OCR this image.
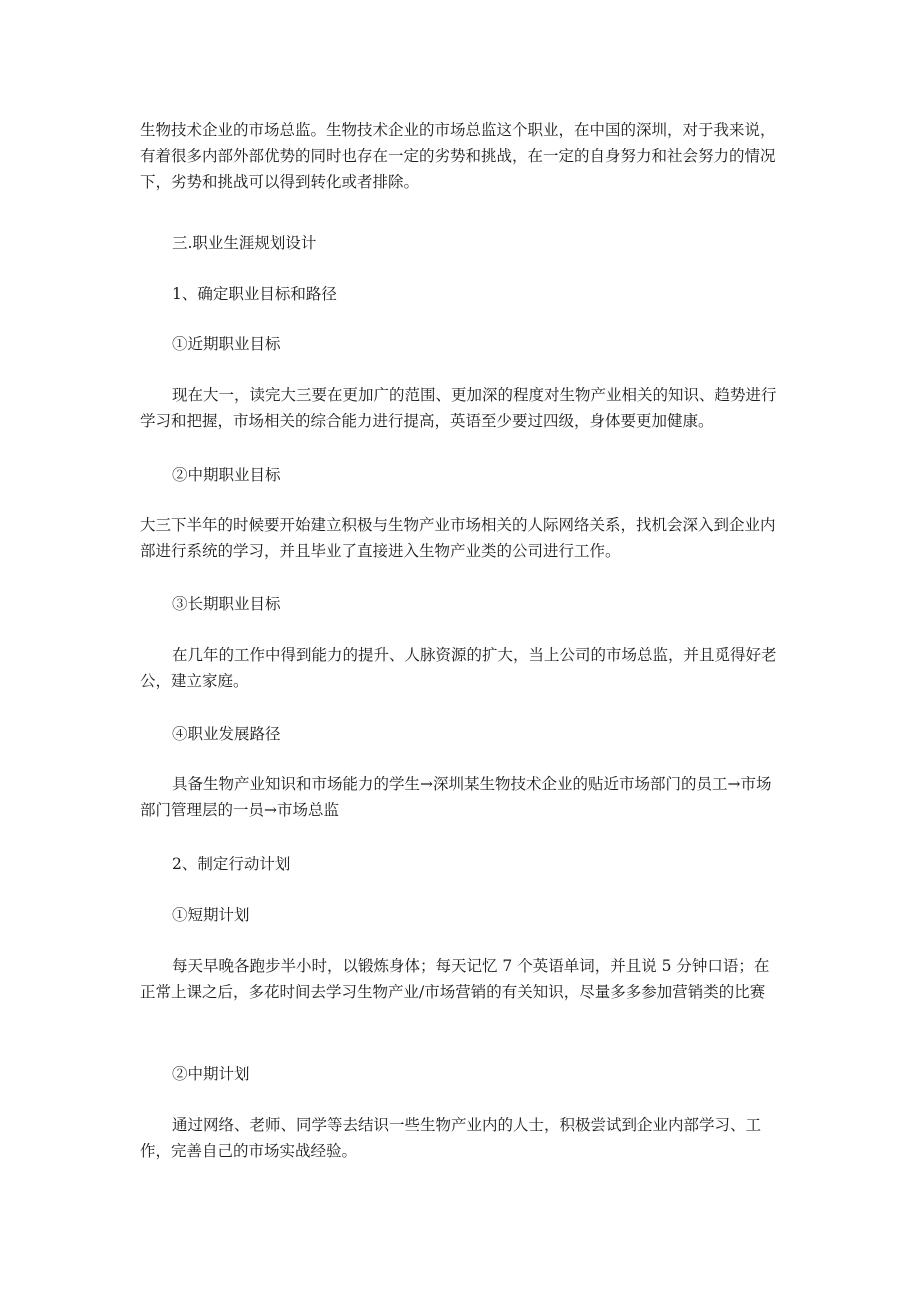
生物技术企业的市场总监。生物技术企业的市场总监这个职业，在中国的深圳，对于我来说，有着很多内部外部优势的同时也存在一定的劣势和挑战，在一定的自身努力和社会努力的情况下，劣势和挑战可以得到转化或者排除。

三.职业生涯规划设计

1、确定职业目标和路径

①近期职业目标

现在大一，读完大三要在更加广的范围、更加深的程度对生物产业相关的知识、趋势进行学习和把握，市场相关的综合能力进行提高，英语至少要过四级，身体要更加健康。

②中期职业目标

大三下半年的时候要开始建立积极与生物产业市场相关的人际网络关系，找机会深入到企业内部进行系统的学习，并且毕业了直接进入生物产业类的公司进行工作。

③长期职业目标

在几年的工作中得到能力的提升、人脉资源的扩大，当上公司的市场总监，并且觅得好老公，建立家庭。

④职业发展路径

具备生物产业知识和市场能力的学生→深圳某生物技术企业的贴近市场部门的员工→市场部门管理层的一员→市场总监

2、制定行动计划

①短期计划

每天早晚各跑步半小时，以锻炼身体；每天记忆 7 个英语单词，并且说 5 分钟口语；在正常上课之后，多花时间去学习生物产业/市场营销的有关知识，尽量多多参加营销类的比赛

②中期计划

通过网络、老师、同学等去结识一些生物产业内的人士，积极尝试到企业内部学习、工作，完善自己的市场实战经验。
